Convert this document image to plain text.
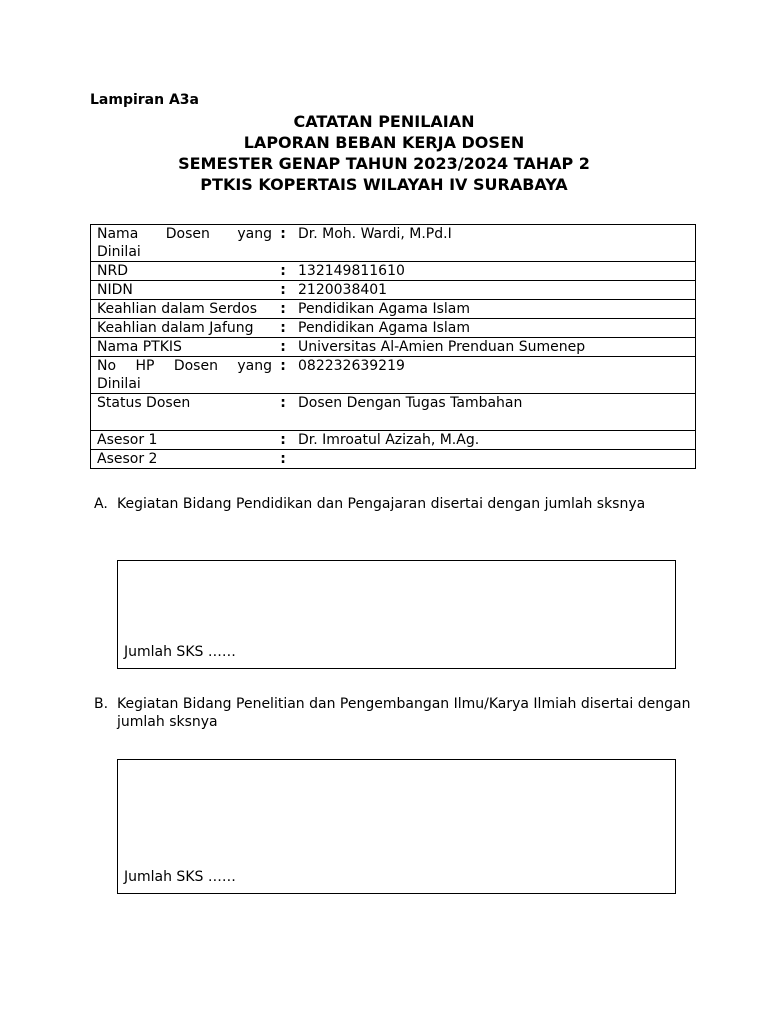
Lampiran A3a
CATATAN PENILAIAN
LAPORAN BEBAN KERJA DOSEN
SEMESTER GENAP TAHUN 2023/2024 TAHAP 2
PTKIS KOPERTAIS WILAYAH IV SURABAYA
Nama Dosen yang
Dinilai	:	Dr. Moh. Wardi, M.Pd.I
NRD	:	132149811610
NIDN	:	2120038401
Keahlian dalam Serdos	:	Pendidikan Agama Islam
Keahlian dalam Jafung	:	Pendidikan Agama Islam
Nama PTKIS	:	Universitas Al-Amien Prenduan Sumenep

No HP Dosen yang
Dinilai	:	082232639219
Status Dosen	:	Dosen Dengan Tugas Tambahan
Asesor 1	:	Dr. Imroatul Azizah, M.Ag.
Asesor 2	:	
A. Kegiatan Bidang Pendidikan dan Pengajaran disertai dengan jumlah sksnya
Jumlah SKS ……
B. Kegiatan Bidang Penelitian dan Pengembangan Ilmu/Karya Ilmiah disertai dengan jumlah sksnya
Jumlah SKS ……
